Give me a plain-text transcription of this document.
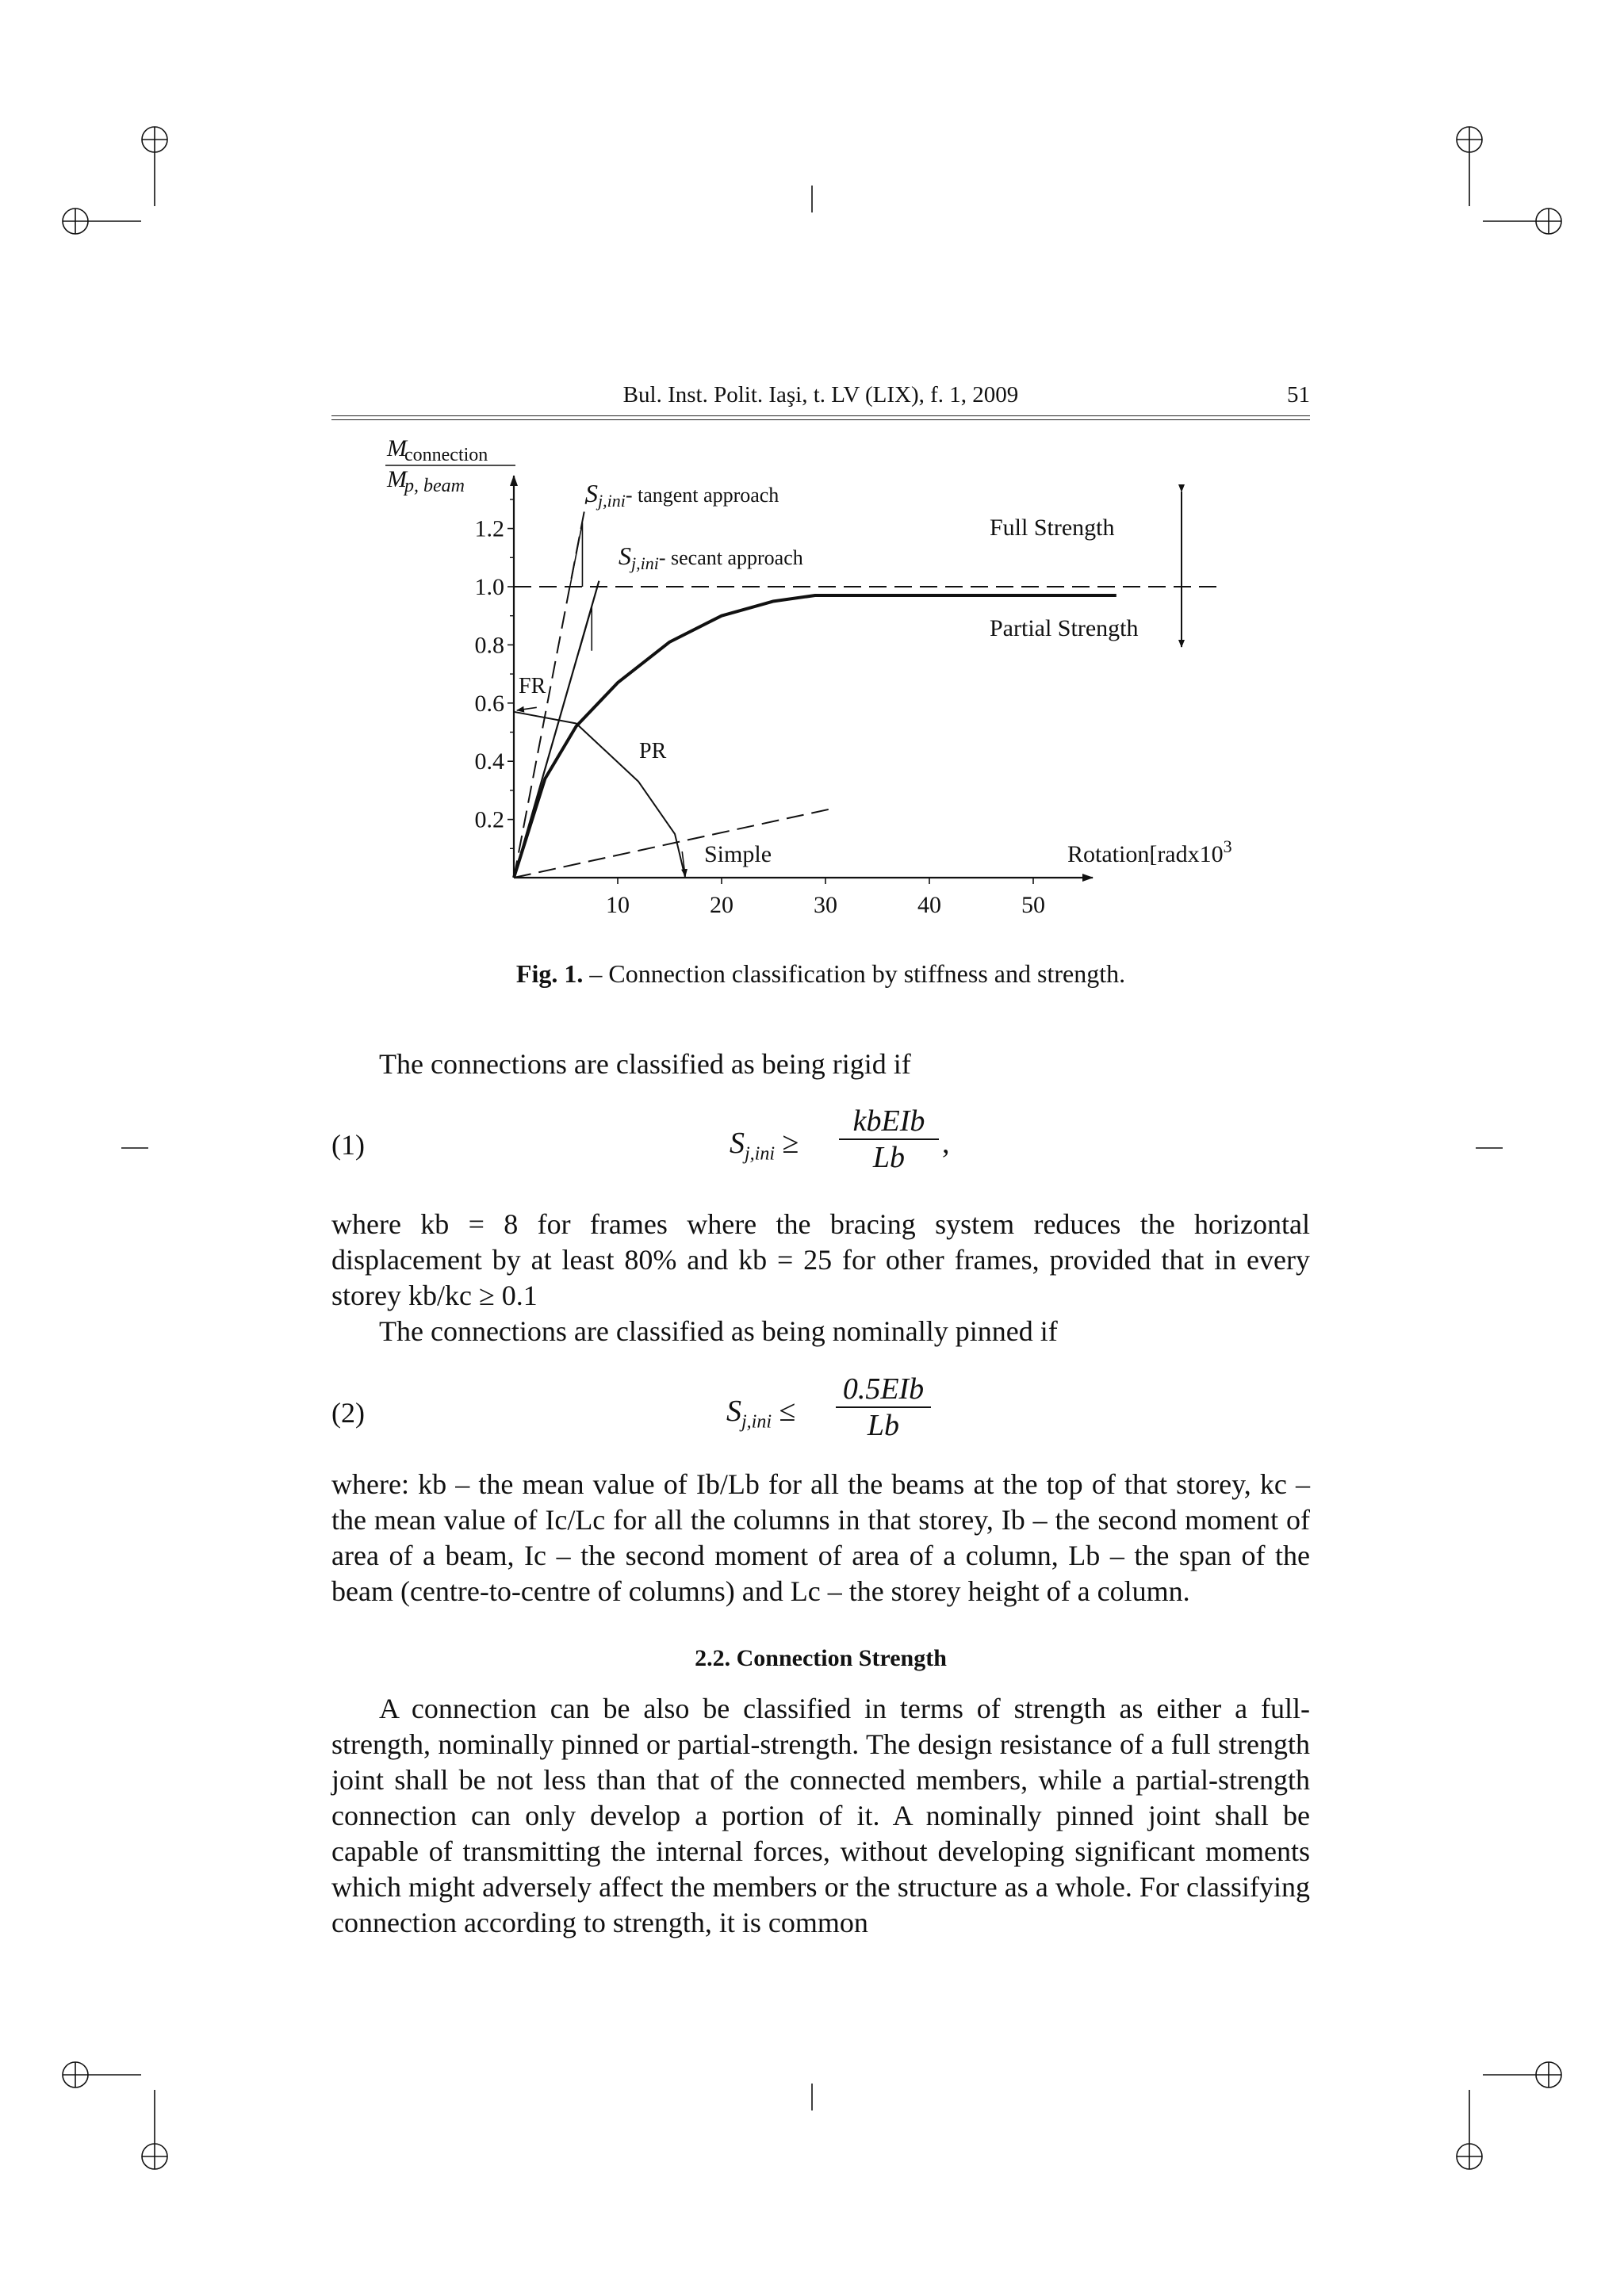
Bul. Inst. Polit. Iaşi, t. LV (LIX), f. 1, 2009	51
M
connection
M
p, beam
10	20	30	40	50
0.2
0.4
0.6
0.8
1.0
1.2
Sj,ini- tangent approach
Sj,ini- secant approach
Full Strength
Partial Strength
FR
PR
Simple	$Rotation[radx10^3$
Fig. 1. – Connection classification by stiffness and strength.
The connections are classified as being rigid if
(1)	$S_{j,ini}$ ≥
kbEIb
Lb	,
where kb = 8 for frames where the bracing system reduces the horizontal displacement by at least 80% and kb = 25 for other frames, provided that in every storey kb/kc ≥ 0.1
The connections are classified as being nominally pinned if
(2)	$S_{j,ini}$ ≤
0.5EIb
Lb
where: kb – the mean value of Ib/Lb for all the beams at the top of that storey, kc – the mean value of Ic/Lc for all the columns in that storey, Ib – the second moment of area of a beam, Ic – the second moment of area of a column, Lb – the span of the beam (centre-to-centre of columns) and Lc – the storey height of a column.
2.2. Connection Strength
A connection can be also be classified in terms of strength as either a full-strength, nominally pinned or partial-strength. The design resistance of a full strength joint shall be not less than that of the connected members, while a partial-strength connection can only develop a portion of it. A nominally pinned joint shall be capable of transmitting the internal forces, without developing significant moments which might adversely affect the members or the structure as a whole. For classifying connection according to strength, it is common
